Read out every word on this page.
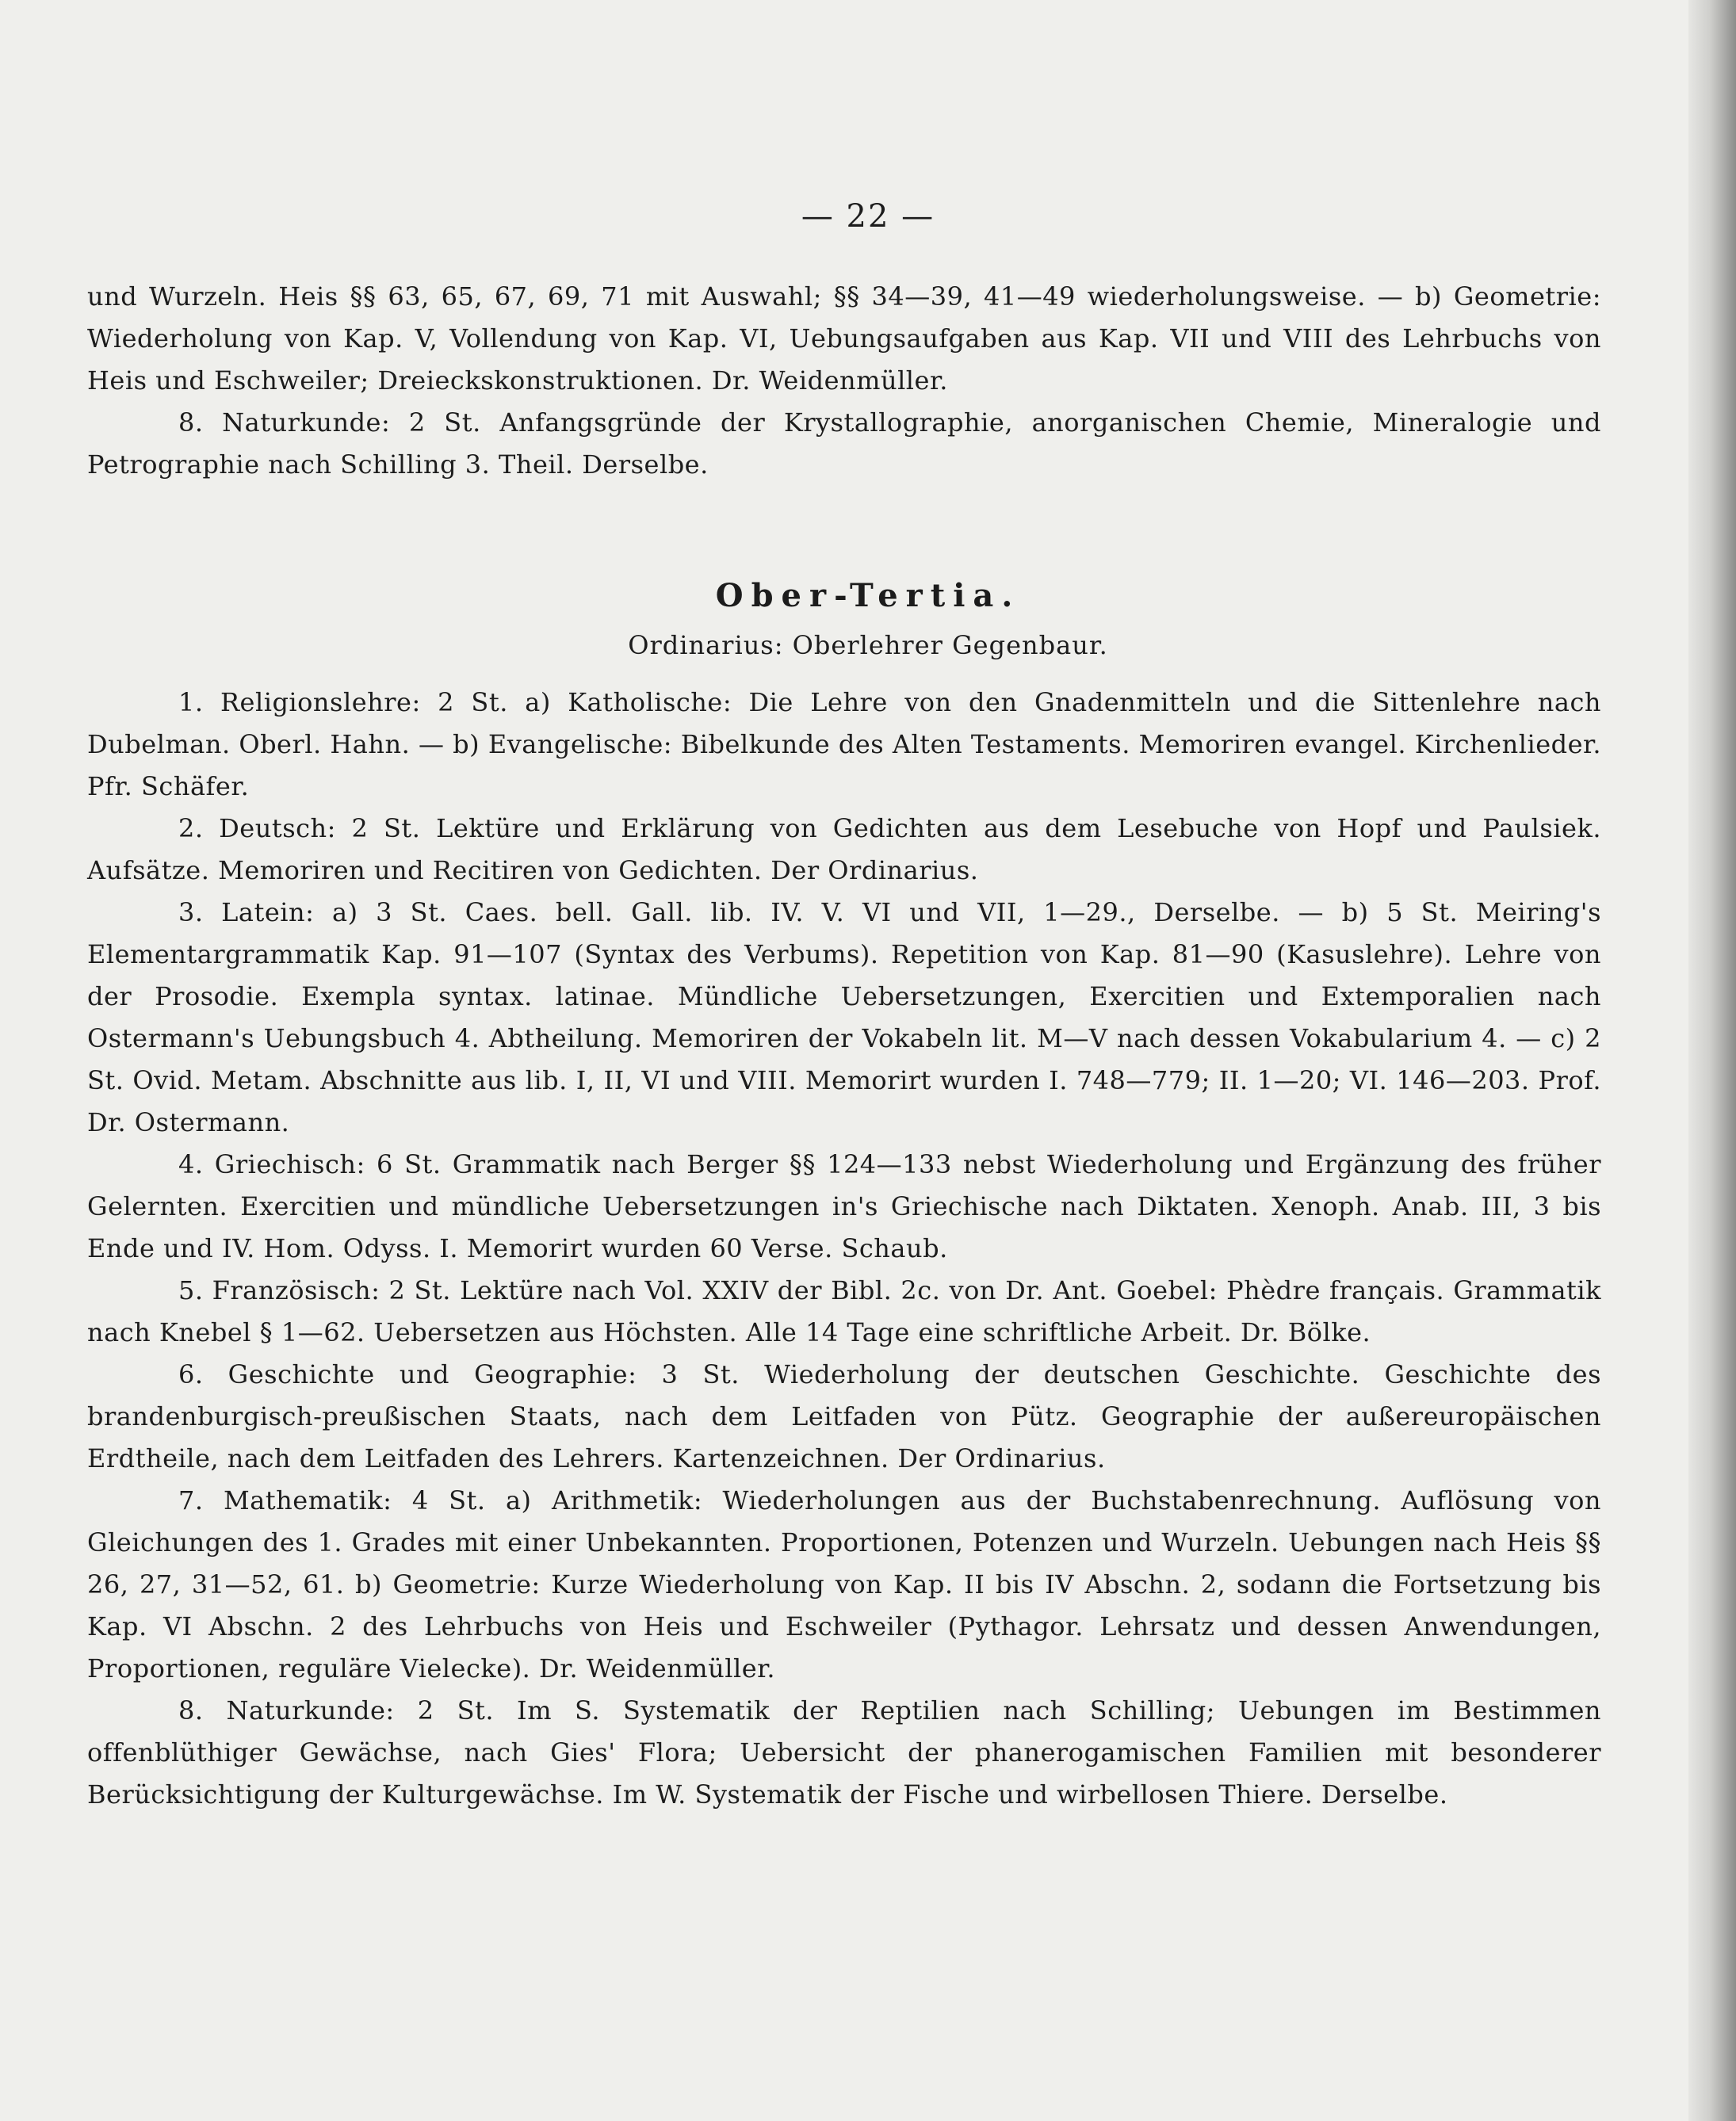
— 22 —

und Wurzeln. Heis §§ 63, 65, 67, 69, 71 mit Auswahl; §§ 34—39, 41—49 wiederholungsweise. — b) Geometrie: Wiederholung von Kap. V, Vollendung von Kap. VI, Uebungsaufgaben aus Kap. VII und VIII des Lehrbuchs von Heis und Eschweiler; Dreieckskonstruktionen. Dr. Weidenmüller.

8. Naturkunde: 2 St. Anfangsgründe der Krystallographie, anorganischen Chemie, Mineralogie und Petrographie nach Schilling 3. Theil. Derselbe.

Ober-Tertia.
Ordinarius: Oberlehrer Gegenbaur.

1. Religionslehre: 2 St. a) Katholische: Die Lehre von den Gnadenmitteln und die Sittenlehre nach Dubelman. Oberl. Hahn. — b) Evangelische: Bibelkunde des Alten Testaments. Memoriren evangel. Kirchenlieder. Pfr. Schäfer.

2. Deutsch: 2 St. Lektüre und Erklärung von Gedichten aus dem Lesebuche von Hopf und Paulsiek. Aufsätze. Memoriren und Recitiren von Gedichten. Der Ordinarius.

3. Latein: a) 3 St. Caes. bell. Gall. lib. IV. V. VI und VII, 1—29., Derselbe. — b) 5 St. Meiring's Elementargrammatik Kap. 91—107 (Syntax des Verbums). Repetition von Kap. 81—90 (Kasuslehre). Lehre von der Prosodie. Exempla syntax. latinae. Mündliche Uebersetzungen, Exercitien und Extemporalien nach Ostermann's Uebungsbuch 4. Abtheilung. Memoriren der Vokabeln lit. M—V nach dessen Vokabularium 4. — c) 2 St. Ovid. Metam. Abschnitte aus lib. I, II, VI und VIII. Memorirt wurden I. 748—779; II. 1—20; VI. 146—203. Prof. Dr. Ostermann.

4. Griechisch: 6 St. Grammatik nach Berger §§ 124—133 nebst Wiederholung und Ergänzung des früher Gelernten. Exercitien und mündliche Uebersetzungen in's Griechische nach Diktaten. Xenoph. Anab. III, 3 bis Ende und IV. Hom. Odyss. I. Memorirt wurden 60 Verse. Schaub.

5. Französisch: 2 St. Lektüre nach Vol. XXIV der Bibl. 2c. von Dr. Ant. Goebel: Phèdre français. Grammatik nach Knebel § 1—62. Uebersetzen aus Höchsten. Alle 14 Tage eine schriftliche Arbeit. Dr. Bölke.

6. Geschichte und Geographie: 3 St. Wiederholung der deutschen Geschichte. Geschichte des brandenburgisch-preußischen Staats, nach dem Leitfaden von Pütz. Geographie der außereuropäischen Erdtheile, nach dem Leitfaden des Lehrers. Kartenzeichnen. Der Ordinarius.

7. Mathematik: 4 St. a) Arithmetik: Wiederholungen aus der Buchstabenrechnung. Auflösung von Gleichungen des 1. Grades mit einer Unbekannten. Proportionen, Potenzen und Wurzeln. Uebungen nach Heis §§ 26, 27, 31—52, 61. b) Geometrie: Kurze Wiederholung von Kap. II bis IV Abschn. 2, sodann die Fortsetzung bis Kap. VI Abschn. 2 des Lehrbuchs von Heis und Eschweiler (Pythagor. Lehrsatz und dessen Anwendungen, Proportionen, reguläre Vielecke). Dr. Weidenmüller.

8. Naturkunde: 2 St. Im S. Systematik der Reptilien nach Schilling; Uebungen im Bestimmen offenblüthiger Gewächse, nach Gies' Flora; Uebersicht der phanerogamischen Familien mit besonderer Berücksichtigung der Kulturgewächse. Im W. Systematik der Fische und wirbellosen Thiere. Derselbe.
